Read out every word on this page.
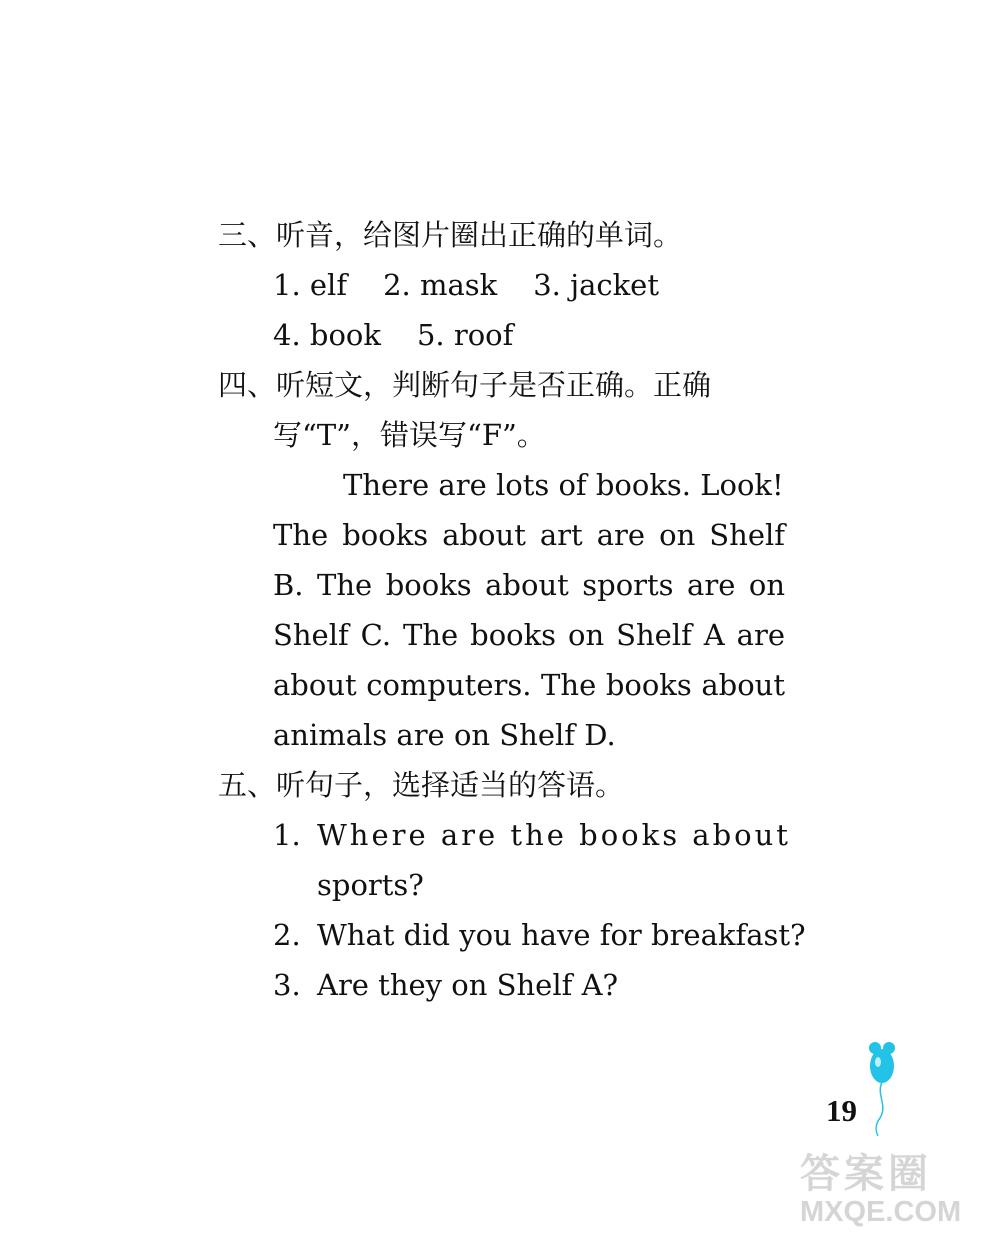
三、听音，给图片圈出正确的单词。
1. elf 2. mask 3. jacket
4. book 5. roof
四、听短文，判断句子是否正确。正确
写“T”，错误写“F”。
There are lots of books. Look!
The books about art are on Shelf
B. The books about sports are on
Shelf C. The books on Shelf A are
about computers. The books about
animals are on Shelf D.
五、听句子，选择适当的答语。
1. Where are the books about
sports?
2. What did you have for breakfast?
3. Are they on Shelf A?
19
答案圈
MXQE.COM
